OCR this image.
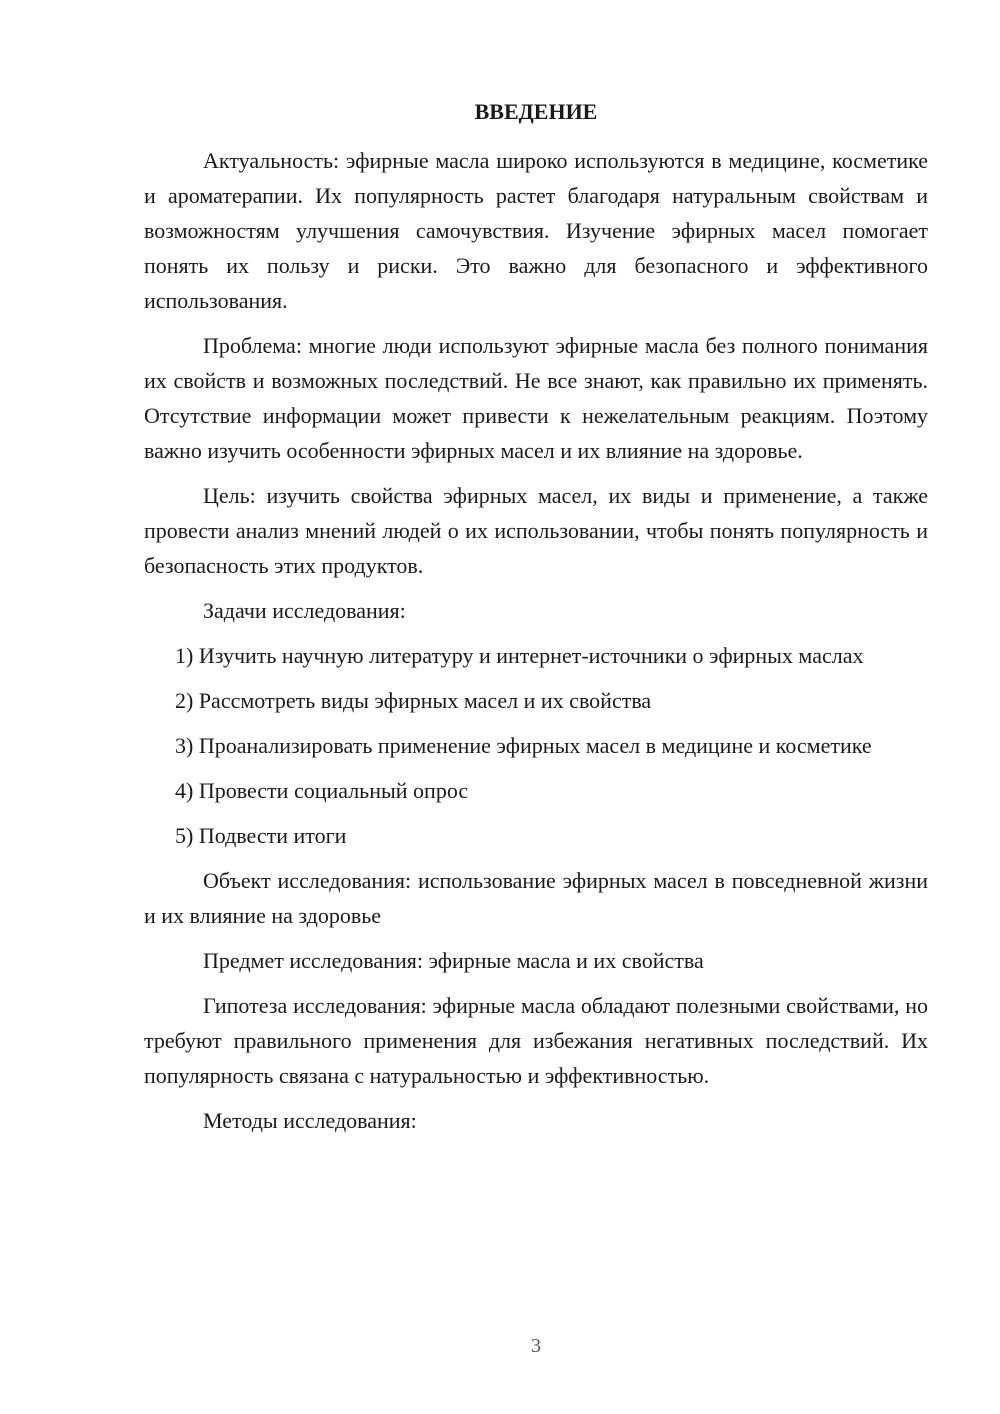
ВВЕДЕНИЕ

Актуальность: эфирные масла широко используются в медицине, косметике и ароматерапии. Их популярность растет благодаря натуральным свойствам и возможностям улучшения самочувствия. Изучение эфирных масел помогает понять их пользу и риски. Это важно для безопасного и эффективного использования.

Проблема: многие люди используют эфирные масла без полного понимания их свойств и возможных последствий. Не все знают, как правильно их применять. Отсутствие информации может привести к нежелательным реакциям. Поэтому важно изучить особенности эфирных масел и их влияние на здоровье.

Цель: изучить свойства эфирных масел, их виды и применение, а также провести анализ мнений людей о их использовании, чтобы понять популярность и безопасность этих продуктов.

Задачи исследования:

1) Изучить научную литературу и интернет-источники о эфирных маслах

2) Рассмотреть виды эфирных масел и их свойства

3) Проанализировать применение эфирных масел в медицине и косметике

4) Провести социальный опрос

5) Подвести итоги

Объект исследования: использование эфирных масел в повседневной жизни и их влияние на здоровье

Предмет исследования: эфирные масла и их свойства

Гипотеза исследования: эфирные масла обладают полезными свойствами, но требуют правильного применения для избежания негативных последствий. Их популярность связана с натуральностью и эффективностью.

Методы исследования:

3
